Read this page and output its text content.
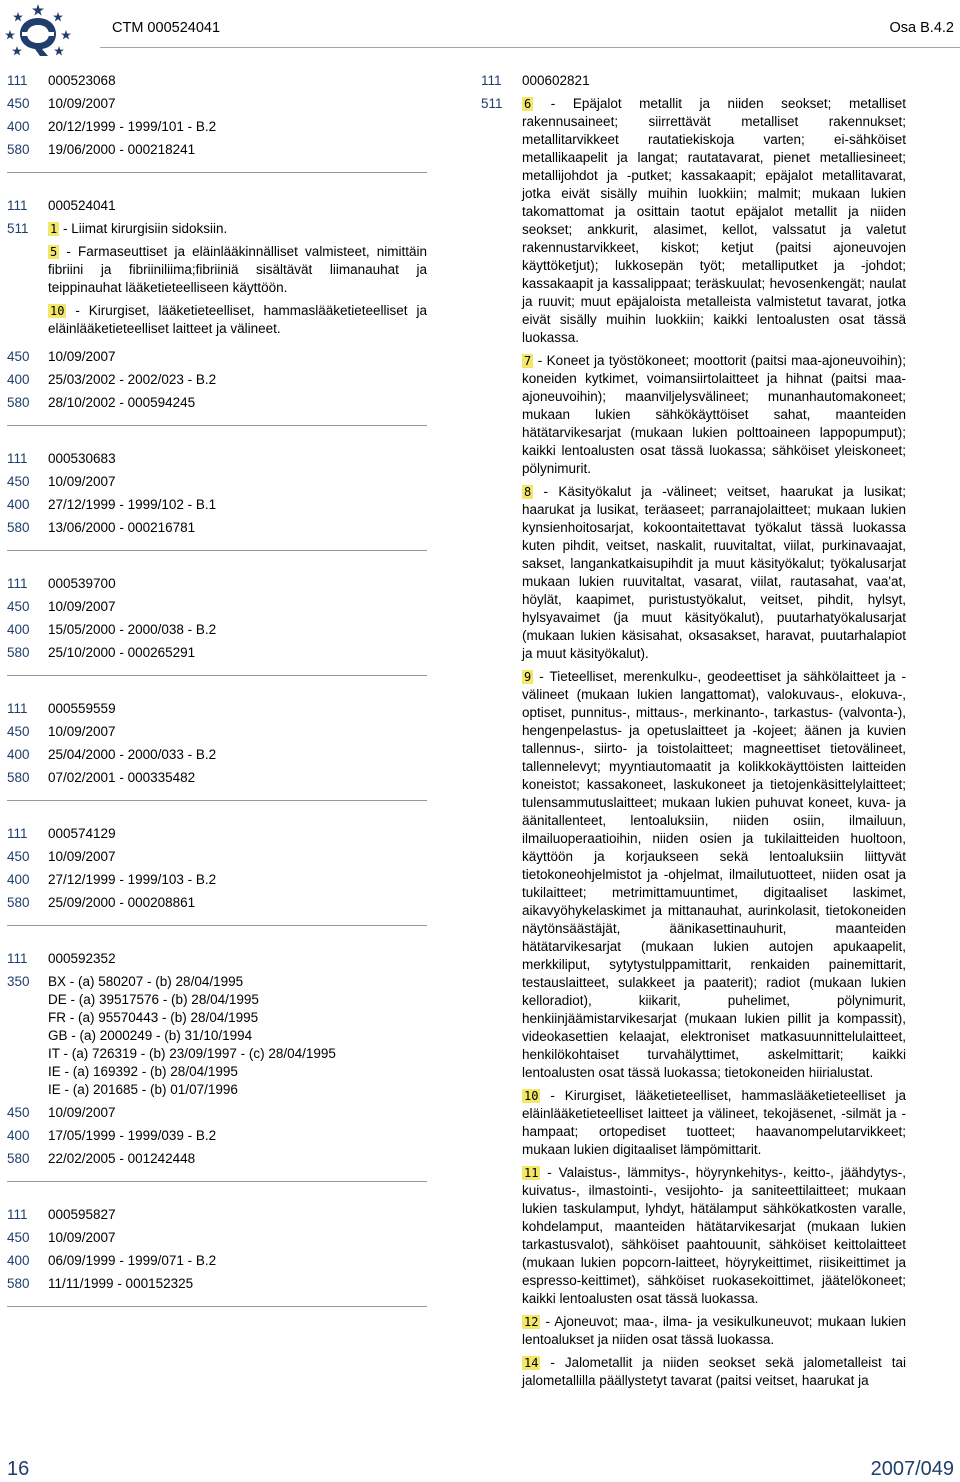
CTM 000524041	Osa B.4.2
111	000523068
450	10/09/2007
400	20/12/1999 - 1999/101 - B.2
580	19/06/2000 - 000218241
111	000524041
511	1 - Liimat kirurgisiin sidoksiin.
5 - Farmaseuttiset ja eläinlääkinnälliset valmisteet, nimittäin fibriini ja fibriiniliima;fibriiniä sisältävät liimanauhat ja teippinauhat lääketieteelliseen käyttöön.
10 - Kirurgiset, lääketieteelliset, hammaslääketieteelliset ja eläinlääketieteelliset laitteet ja välineet.
450	10/09/2007
400	25/03/2002 - 2002/023 - B.2
580	28/10/2002 - 000594245
111	000530683
450	10/09/2007
400	27/12/1999 - 1999/102 - B.1
580	13/06/2000 - 000216781
111	000539700
450	10/09/2007
400	15/05/2000 - 2000/038 - B.2
580	25/10/2000 - 000265291
111	000559559
450	10/09/2007
400	25/04/2000 - 2000/033 - B.2
580	07/02/2001 - 000335482
111	000574129
450	10/09/2007
400	27/12/1999 - 1999/103 - B.2
580	25/09/2000 - 000208861
111	000592352
350	BX - (a) 580207 - (b) 28/04/1995
DE - (a) 39517576 - (b) 28/04/1995
FR - (a) 95570443 - (b) 28/04/1995
GB - (a) 2000249 - (b) 31/10/1994
IT - (a) 726319 - (b) 23/09/1997 - (c) 28/04/1995
IE - (a) 169392 - (b) 28/04/1995
IE - (a) 201685 - (b) 01/07/1996
450	10/09/2007
400	17/05/1999 - 1999/039 - B.2
580	22/02/2005 - 001242448
111	000595827
450	10/09/2007
400	06/09/1999 - 1999/071 - B.2
580	11/11/1999 - 000152325
111	000602821
511	6 - Epäjalot metallit ja niiden seokset; metalliset rakennusaineet; siirrettävät metalliset rakennukset; metallitarvikkeet rautatiekiskoja varten; ei-sähköiset metallikaapelit ja langat; rautatavarat, pienet metalliesineet; metallijohdot ja -putket; kassakaapit; epäjalot metallitavarat, jotka eivät sisälly muihin luokkiin; malmit; mukaan lukien takomattomat ja osittain taotut epäjalot metallit ja niiden seokset; ankkurit, alasimet, kellot, valssatut ja valetut rakennustarvikkeet, kiskot; ketjut (paitsi ajoneuvojen käyttöketjut); lukkosepän työt; metalliputket ja -johdot; kassakaapit ja kassalippaat; teräskuulat; hevosenkengät; naulat ja ruuvit; muut epäjaloista metalleista valmistetut tavarat, jotka eivät sisälly muihin luokkiin; kaikki lentoalusten osat tässä luokassa.
7 - Koneet ja työstökoneet; moottorit (paitsi maa-ajoneuvoihin); koneiden kytkimet, voimansiirtolaitteet ja hihnat (paitsi maa-ajoneuvoihin); maanviljelysvälineet; munanhautomakoneet; mukaan lukien sähkökäyttöiset sahat, maanteiden hätätarvikesarjat (mukaan lukien polttoaineen lappopumput); kaikki lentoalusten osat tässä luokassa; sähköiset yleiskoneet; pölynimurit.
8 - Käsityökalut ja -välineet; veitset, haarukat ja lusikat; haarukat ja lusikat, teräaseet; parranajolaitteet; mukaan lukien kynsienhoitosarjat, kokoontaitettavat työkalut tässä luokassa kuten pihdit, veitset, naskalit, ruuvitaltat, viilat, purkinavaajat, sakset, langankatkaisupihdit ja muut käsityökalut; työkalusarjat mukaan lukien ruuvitaltat, vasarat, viilat, rautasahat, vaa'at, höylät, kaapimet, puristustyökalut, veitset, pihdit, hylsyt, hylsyavaimet (ja muut käsityökalut), puutarhatyökalusarjat (mukaan lukien käsisahat, oksasakset, haravat, puutarhalapiot ja muut käsityökalut).
9 - Tieteelliset, merenkulku-, geodeettiset ja sähkölaitteet ja -välineet (mukaan lukien langattomat), valokuvaus-, elokuva-, optiset, punnitus-, mittaus-, merkinanto-, tarkastus- (valvonta-), hengenpelastus- ja opetuslaitteet ja -kojeet; äänen ja kuvien tallennus-, siirto- ja toistolaitteet; magneettiset tietovälineet, tallennelevyt; myyntiautomaatit ja kolikkokäyttöisten laitteiden koneistot; kassakoneet, laskukoneet ja tietojenkäsittelylaitteet; tulensammutuslaitteet; mukaan lukien puhuvat koneet, kuva- ja äänitallenteet, lentoaluksiin, niiden osiin, ilmailuun, ilmailuoperaatioihin, niiden osien ja tukilaitteiden huoltoon, käyttöön ja korjaukseen sekä lentoaluksiin liittyvät tietokoneohjelmistot ja -ohjelmat, ilmailutuotteet, niiden osat ja tukilaitteet; metrimittamuuntimet, digitaaliset laskimet, aikavyöhykelaskimet ja mittanauhat, aurinkolasit, tietokoneiden näytönsäästäjät, äänikasettinauhurit, maanteiden hätätarvikesarjat (mukaan lukien autojen apukaapelit, merkkiliput, sytytystulppamittarit, renkaiden painemittarit, testauslaitteet, sulakkeet ja paaterit); radiot (mukaan lukien kelloradiot), kiikarit, puhelimet, pölynimurit, henkiinjäämistarvikesarjat (mukaan lukien pillit ja kompassit), videokasettien kelaajat, elektroniset matkasuunnittelulaitteet, henkilökohtaiset turvahälyttimet, askelmittarit; kaikki lentoalusten osat tässä luokassa; tietokoneiden hiirialustat.
10 - Kirurgiset, lääketieteelliset, hammaslääketieteelliset ja eläinlääketieteelliset laitteet ja välineet, tekojäsenet, -silmät ja -hampaat; ortopediset tuotteet; haavanompelutarvikkeet; mukaan lukien digitaaliset lämpömittarit.
11 - Valaistus-, lämmitys-, höyrynkehitys-, keitto-, jäähdytys-, kuivatus-, ilmastointi-, vesijohto- ja saniteettilaitteet; mukaan lukien taskulamput, lyhdyt, hätälamput sähkökatkosten varalle, kohdelamput, maanteiden hätätarvikesarjat (mukaan lukien tarkastusvalot), sähköiset paahtouunit, sähköiset keittolaitteet (mukaan lukien popcorn-laitteet, höyrykeittimet, riisikeittimet ja espresso-keittimet), sähköiset ruokasekoittimet, jäätelökoneet; kaikki lentoalusten osat tässä luokassa.
12 - Ajoneuvot; maa-, ilma- ja vesikulkuneuvot; mukaan lukien lentoalukset ja niiden osat tässä luokassa.
14 - Jalometallit ja niiden seokset sekä jalometalleist tai jalometallilla päällystetyt tavarat (paitsi veitset, haarukat ja
16	2007/049
